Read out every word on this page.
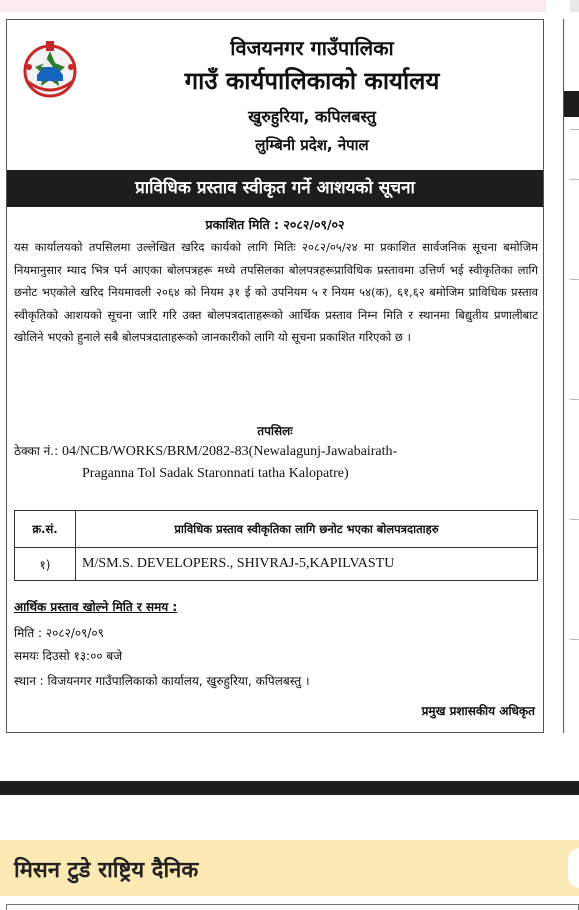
विजयनगर गाउँपालिका
गाउँ कार्यपालिकाको कार्यालय
खुरुहुरिया, कपिलबस्तु
लुम्बिनी प्रदेश, नेपाल
प्राविधिक प्रस्ताव स्वीकृत गर्ने आशयको सूचना
प्रकाशित मिति : २०८२/०९/०२

यस कार्यालयको तपसिलमा उल्लेखित खरिद कार्यको लागि मितिः २०८२/०५/२४ मा प्रकाशित सार्वजनिक सूचना बमोजिम नियमानुसार म्याद भित्र पर्न आएका बोलपत्रहरू मध्ये तपसिलका बोलपत्रहरूप्राविधिक प्रस्तावमा उत्तिर्ण भई स्वीकृतिका लागि छनोट भएकोले खरिद नियमावली २०६४ को नियम ३१ ई को उपनियम ५ र नियम ५४(क), ६१,६२ बमोजिम प्राविधिक प्रस्ताव स्वीकृतिको आशयको सूचना जारि गरि उक्त बोलपत्रदाताहरूको आर्थिक प्रस्ताव निम्न मिति र स्थानमा बिद्युतीय प्रणालीबाट खोलिने भएको हुनाले सबै बोलपत्रदाताहरूको जानकारीको लागि यो सूचना प्रकाशित गरिएको छ ।

तपसिलः
ठेक्का नं.: 04/NCB/WORKS/BRM/2082-83(Newalagunj-Jawabairath-
Praganna Tol Sadak Staronnati tatha Kalopatre)
क्र.सं.	प्राविधिक प्रस्ताव स्वीकृतिका लागि छनोट भएका बोलपत्रदाताहरु
१)	M/SM.S. DEVELOPERS., SHIVRAJ-5,KAPILVASTU
आर्थिक प्रस्ताव खोल्ने मिति र समय :
मिति : २०८२/०९/०९
समयः दिउसो १३:०० बजे
स्थान : विजयनगर गाउँपालिकाको कार्यालय, खुरुहुरिया, कपिलबस्तु ।
प्रमुख प्रशासकीय अधिकृत
मिसन टुडे राष्ट्रिय दैनिक
